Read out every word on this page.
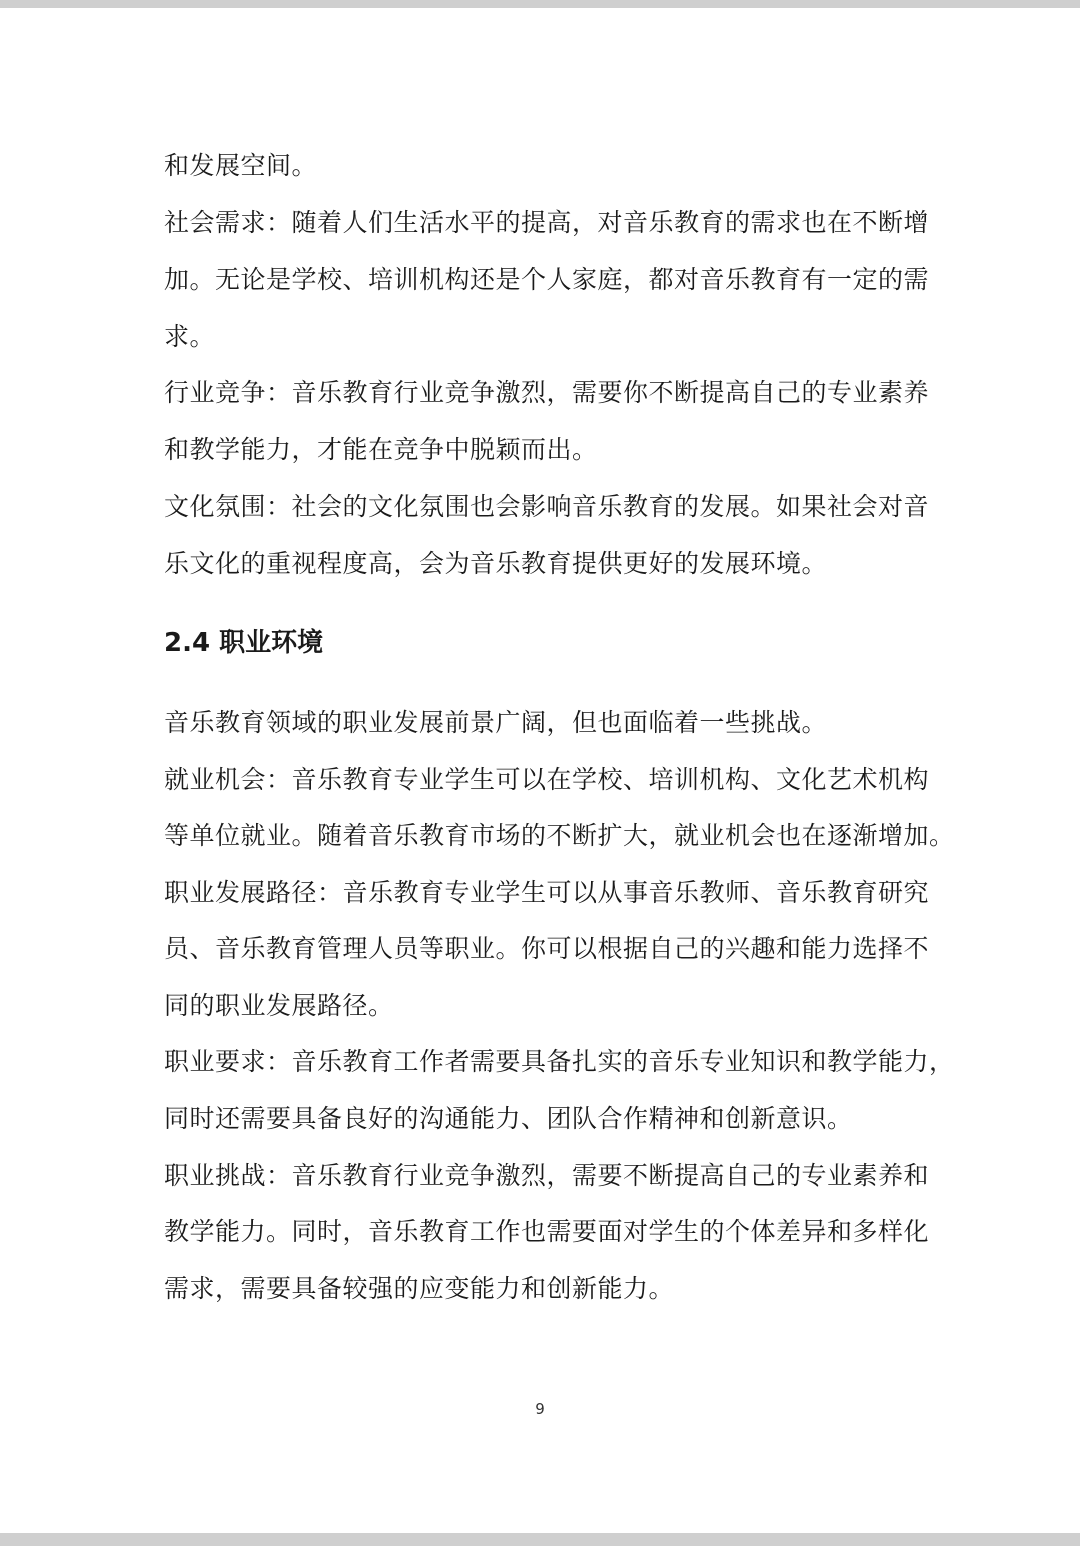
和发展空间。
社会需求：随着人们生活水平的提高，对音乐教育的需求也在不断增
加。无论是学校、培训机构还是个人家庭，都对音乐教育有一定的需
求。
行业竞争：音乐教育行业竞争激烈，需要你不断提高自己的专业素养
和教学能力，才能在竞争中脱颖而出。
文化氛围：社会的文化氛围也会影响音乐教育的发展。如果社会对音
乐文化的重视程度高，会为音乐教育提供更好的发展环境。
2.4 职业环境
音乐教育领域的职业发展前景广阔，但也面临着一些挑战。
就业机会：音乐教育专业学生可以在学校、培训机构、文化艺术机构
等单位就业。随着音乐教育市场的不断扩大，就业机会也在逐渐增加。
职业发展路径：音乐教育专业学生可以从事音乐教师、音乐教育研究
员、音乐教育管理人员等职业。你可以根据自己的兴趣和能力选择不
同的职业发展路径。
职业要求：音乐教育工作者需要具备扎实的音乐专业知识和教学能力，
同时还需要具备良好的沟通能力、团队合作精神和创新意识。
职业挑战：音乐教育行业竞争激烈，需要不断提高自己的专业素养和
教学能力。同时，音乐教育工作也需要面对学生的个体差异和多样化
需求，需要具备较强的应变能力和创新能力。
9
